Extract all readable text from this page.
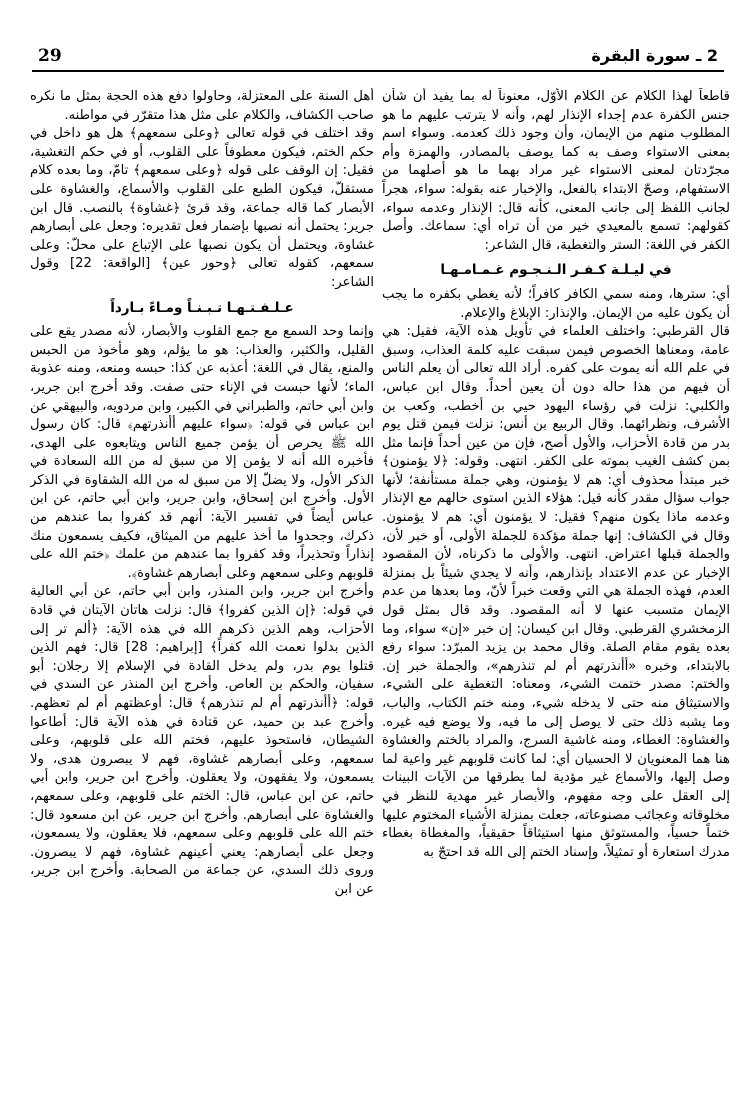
29	2 ـ سورة البقرة

قاطعاً لهذا الكلام عن الكلام الأوّل، معنوناً له بما يفيد أن شأن جنس الكفرة عدم إجداء الإنذار لهم، وأنه لا يترتب عليهم ما هو المطلوب منهم من الإيمان، وأن وجود ذلك كعدمه. وسواء اسم بمعنى الاستواء وصف به كما يوصف بالمصادر، والهمزة وأم مجرّدتان لمعنى الاستواء غير مراد بهما ما هو أصلهما من الاستفهام، وصحّ الابتداء بالفعل، والإخبار عنه بقوله: سواء، هجراً لجانب اللفظ إلى جانب المعنى، كأنه قال: الإنذار وعدمه سواء، كقولهم: تسمع بالمعيدي خير من أن تراه أي: سماعك. وأصل الكفر في اللغة: الستر والتغطية، قال الشاعر:

في ليـلـة كـفـر الـنـجـوم غـمـامـهـا

أي: سترها، ومنه سمي الكافر كافراً؛ لأنه يغطي بكفره ما يجب أن يكون عليه من الإيمان. والإنذار: الإبلاغ والإعلام.

قال القرطبي: واختلف العلماء في تأويل هذه الآية، فقيل: هي عامة، ومعناها الخصوص فيمن سبقت عليه كلمة العذاب، وسبق في علم الله أنه يموت على كفره. أراد الله تعالى أن يعلم الناس أن فيهم من هذا حاله دون أن يعين أحداً. وقال ابن عباس، والكلبي: نزلت في رؤساء اليهود حيي بن أخطب، وكعب بن الأشرف، ونظرائهما. وقال الربيع بن أنس: نزلت فيمن قتل يوم بدر من قادة الأحزاب، والأول أصح، فإن من عين أحداً فإنما مثل بمن كشف الغيب بموته على الكفر. انتهى. وقوله: ﴿لا يؤمنون﴾ خبر مبتدأ محذوف أي: هم لا يؤمنون، وهي جملة مستأنفة؛ لأنها جواب سؤال مقدر كأنه قيل: هؤلاء الذين استوى حالهم مع الإنذار وعدمه ماذا يكون منهم؟ فقيل: لا يؤمنون أي: هم لا يؤمنون. وقال في الكشاف: إنها جملة مؤكدة للجملة الأولى، أو خبر لأن، والجملة قبلها اعتراض. انتهى. والأولى ما ذكرناه، لأن المقصود الإخبار عن عدم الاعتداد بإنذارهم، وأنه لا يجدي شيئاً بل بمنزلة العدم، فهذه الجملة هي التي وقعت خبراً لأنّ، وما بعدها من عدم الإيمان متسبب عنها لا أنه المقصود. وقد قال بمثل قول الزمخشري القرطبي. وقال ابن كيسان: إن خبر «إن» سواء، وما بعده يقوم مقام الصلة. وقال محمد بن يزيد المبرّد: سواء رفع بالابتداء، وخبره «أأنذرتهم أم لم تنذرهم»، والجملة خبر إن. والختم: مصدر ختمت الشيء، ومعناه: التغطية على الشيء، والاستيثاق منه حتى لا يدخله شيء، ومنه ختم الكتاب، والباب، وما يشبه ذلك حتى لا يوصل إلى ما فيه، ولا يوضع فيه غيره. والغشاوة: الغطاء، ومنه غاشية السرج، والمراد بالختم والغشاوة هنا هما المعنويان لا الحسيان أي: لما كانت قلوبهم غير واعية لما وصل إليها، والأسماع غير مؤدية لما يطرقها من الآيات البينات إلى العقل على وجه مفهوم، والأبصار غير مهدية للنظر في مخلوقاته وعجائب مصنوعاته، جعلت بمنزلة الأشياء المختوم عليها ختماً حسياً، والمستوثق منها استيثاقاً حقيقياً، والمغطاة بغطاء مدرك استعارة أو تمثيلاً، وإسناد الختم إلى الله قد احتجّ به

أهل السنة على المعتزلة، وحاولوا دفع هذه الحجة بمثل ما نكره صاحب الكشاف، والكلام على مثل هذا متقرّر في مواطنه.

وقد اختلف في قوله تعالى ﴿وعلى سمعهم﴾ هل هو داخل في حكم الختم، فيكون معطوفاً على القلوب، أو في حكم التغشية، فقيل: إن الوقف على قوله ﴿وعلى سمعهم﴾ تامّ، وما بعده كلام مستقلّ، فيكون الطبع على القلوب والأسماع، والغشاوة على الأبصار كما قاله جماعة، وقد قرئ ﴿غشاوة﴾ بالنصب. قال ابن جرير: يحتمل أنه نصبها بإضمار فعل تقديره: وجعل على أبصارهم غشاوة، ويحتمل أن يكون نصبها على الإتباع على محلّ: وعلى سمعهم، كقوله تعالى ﴿وحور عين﴾ [الواقعة: 22] وقول الشاعر:

عـلـفـتـهـا تـبـنـاً ومـاءً بـارداً

وإنما وحد السمع مع جمع القلوب والأبصار، لأنه مصدر يقع على القليل، والكثير، والعذاب: هو ما يؤلم، وهو مأخوذ من الحبس والمنع، يقال في اللغة: أعذبه عن كذا: حبسه ومنعه، ومنه عذوبة الماء؛ لأنها حبست في الإناء حتى صفت. وقد أخرج ابن جرير، وابن أبي حاتم، والطبراني في الكبير، وابن مردويه، والبيهقي عن ابن عباس في قوله: ﴿سواء عليهم أأنذرتهم﴾ قال: كان رسول الله ﷺ يحرص أن يؤمن جميع الناس ويتابعوه على الهدى، فأخبره الله أنه لا يؤمن إلا من سبق له من الله السعادة في الذكر الأول، ولا يضلّ إلا من سبق له من الله الشقاوة في الذكر الأول. وأخرج ابن إسحاق، وابن جرير، وابن أبي حاتم، عن ابن عباس أيضاً في تفسير الآية: أنهم قد كفروا بما عندهم من ذكرك، وجحدوا ما أخذ عليهم من الميثاق، فكيف يسمعون منك إنذاراً وتحذيراً، وقد كفروا بما عندهم من علمك ﴿ختم الله على قلوبهم وعلى سمعهم وعلى أبصارهم غشاوة﴾.

وأخرج ابن جرير، وابن المنذر، وابن أبي حاتم، عن أبي العالية في قوله: ﴿إن الذين كفروا﴾ قال: نزلت هاتان الآيتان في قادة الأحزاب، وهم الذين ذكرهم الله في هذه الآية: ﴿ألم تر إلى الذين بدلوا نعمت الله كفراً﴾ [إبراهيم: 28] قال: فهم الذين قتلوا يوم بدر، ولم يدخل القادة في الإسلام إلا رجلان: أبو سفيان، والحكم بن العاص. وأخرج ابن المنذر عن السدي في قوله: ﴿أأنذرتهم أم لم تنذرهم﴾ قال: أوعظتهم أم لم تعظهم. وأخرج عبد بن حميد، عن قتادة في هذه الآية قال: أطاعوا الشيطان، فاستحوذ عليهم، فختم الله على قلوبهم، وعلى سمعهم، وعلى أبصارهم غشاوة، فهم لا يبصرون هدى، ولا يسمعون، ولا يفقهون، ولا يعقلون. وأخرج ابن جرير، وابن أبي حاتم، عن ابن عباس، قال: الختم على قلوبهم، وعلى سمعهم، والغشاوة على أبصارهم. وأخرج ابن جرير، عن ابن مسعود قال: ختم الله على قلوبهم وعلى سمعهم، فلا يعقلون، ولا يسمعون، وجعل على أبصارهم: يعني أعينهم غشاوة، فهم لا يبصرون. وروى ذلك السدي، عن جماعة من الصحابة. وأخرج ابن جرير، عن ابن
